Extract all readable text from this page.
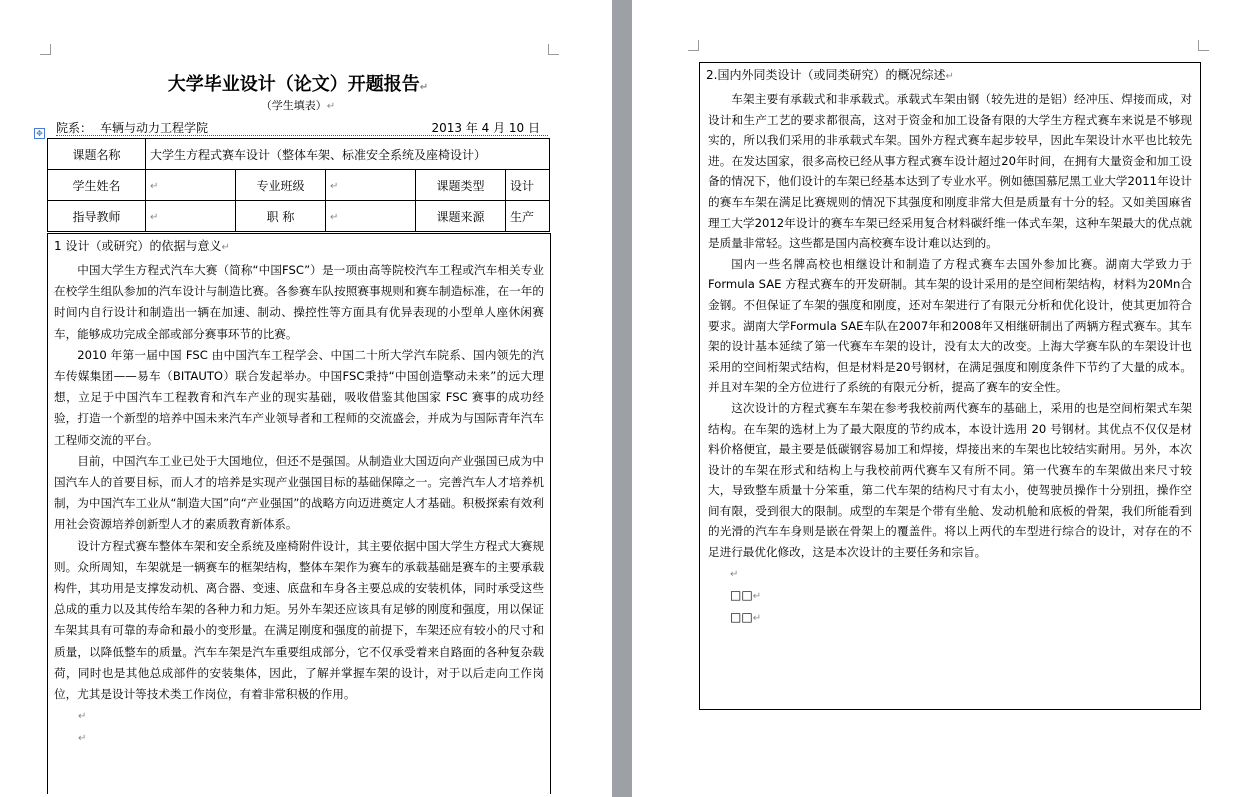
✥
大学毕业设计（论文）开题报告↵
（学生填表）↵
院系： 车辆与动力工程学院	2013 年 4 月 10 日
课题名称	大学生方程式赛车设计（整体车架、标准安全系统及座椅设计）				
学生姓名	↵	专业班级	↵	课题类型	设计
指导教师	↵	职 称	↵	课题来源	生产
1 设计（或研究）的依据与意义↵

中国大学生方程式汽车大赛（简称“中国FSC”）是一项由高等院校汽车工程或汽车相关专业在校学生组队参加的汽车设计与制造比赛。各参赛车队按照赛事规则和赛车制造标准，在一年的时间内自行设计和制造出一辆在加速、制动、操控性等方面具有优异表现的小型单人座休闲赛车，能够成功完成全部或部分赛事环节的比赛。

2010 年第一届中国 FSC 由中国汽车工程学会、中国二十所大学汽车院系、国内领先的汽车传媒集团——易车（BITAUTO）联合发起举办。中国FSC秉持“中国创造擎动未来”的远大理想，立足于中国汽车工程教育和汽车产业的现实基础，吸收借鉴其他国家 FSC 赛事的成功经验，打造一个新型的培养中国未来汽车产业领导者和工程师的交流盛会，并成为与国际青年汽车工程师交流的平台。

目前，中国汽车工业已处于大国地位，但还不是强国。从制造业大国迈向产业强国已成为中国汽车人的首要目标，而人才的培养是实现产业强国目标的基础保障之一。完善汽车人才培养机制，为中国汽车工业从“制造大国”向“产业强国”的战略方向迈进奠定人才基础。积极探索有效利用社会资源培养创新型人才的素质教育新体系。

设计方程式赛车整体车架和安全系统及座椅附件设计，其主要依据中国大学生方程式大赛规则。众所周知，车架就是一辆赛车的框架结构，整体车架作为赛车的承载基础是赛车的主要承载构件，其功用是支撑发动机、离合器、变速、底盘和车身各主要总成的安装机体，同时承受这些总成的重力以及其传给车架的各种力和力矩。另外车架还应该具有足够的刚度和强度，用以保证车架其具有可靠的寿命和最小的变形量。在满足刚度和强度的前提下，车架还应有较小的尺寸和质量，以降低整车的质量。汽车车架是汽车重要组成部分，它不仅承受着来自路面的各种复杂载荷，同时也是其他总成部件的安装集体，因此，了解并掌握车架的设计，对于以后走向工作岗位，尤其是设计等技术类工作岗位，有着非常积极的作用。

↵
↵
2.国内外同类设计（或同类研究）的概况综述↵

车架主要有承载式和非承载式。承载式车架由钢（较先进的是铝）经冲压、焊接而成，对设计和生产工艺的要求都很高，这对于资金和加工设备有限的大学生方程式赛车来说是不够现实的，所以我们采用的非承载式车架。国外方程式赛车起步较早，因此车架设计水平也比较先进。在发达国家，很多高校已经从事方程式赛车设计超过20年时间，在拥有大量资金和加工设备的情况下，他们设计的车架已经基本达到了专业水平。例如德国慕尼黑工业大学2011年设计的赛车车架在满足比赛规则的情况下其强度和刚度非常大但是质量有十分的轻。又如美国麻省理工大学2012年设计的赛车车架已经采用复合材料碳纤维一体式车架，这种车架最大的优点就是质量非常轻。这些都是国内高校赛车设计难以达到的。

国内一些名牌高校也相继设计和制造了方程式赛车去国外参加比赛。湖南大学致力于Formula SAE 方程式赛车的开发研制。其车架的设计采用的是空间桁架结构，材料为20Mn合金钢。不但保证了车架的强度和刚度，还对车架进行了有限元分析和优化设计，使其更加符合要求。湖南大学Formula SAE车队在2007年和2008年又相继研制出了两辆方程式赛车。其车架的设计基本延续了第一代赛车车架的设计，没有太大的改变。上海大学赛车队的车架设计也采用的空间桁架式结构，但是材料是20号钢材，在满足强度和刚度条件下节约了大量的成本。并且对车架的全方位进行了系统的有限元分析，提高了赛车的安全性。

这次设计的方程式赛车车架在参考我校前两代赛车的基础上，采用的也是空间桁架式车架结构。在车架的选材上为了最大限度的节约成本，本设计选用 20 号钢材。其优点不仅仅是材料价格便宜，最主要是低碳钢容易加工和焊接，焊接出来的车架也比较结实耐用。另外，本次设计的车架在形式和结构上与我校前两代赛车又有所不同。第一代赛车的车架做出来尺寸较大，导致整车质量十分笨重，第二代车架的结构尺寸有太小，使驾驶员操作十分别扭，操作空间有限，受到很大的限制。成型的车架是个带有坐舱、发动机舱和底板的骨架，我们所能看到的光滑的汽车车身则是嵌在骨架上的覆盖件。将以上两代的车型进行综合的设计，对存在的不足进行最优化修改，这是本次设计的主要任务和宗旨。

↵
□□↵
□□↵
